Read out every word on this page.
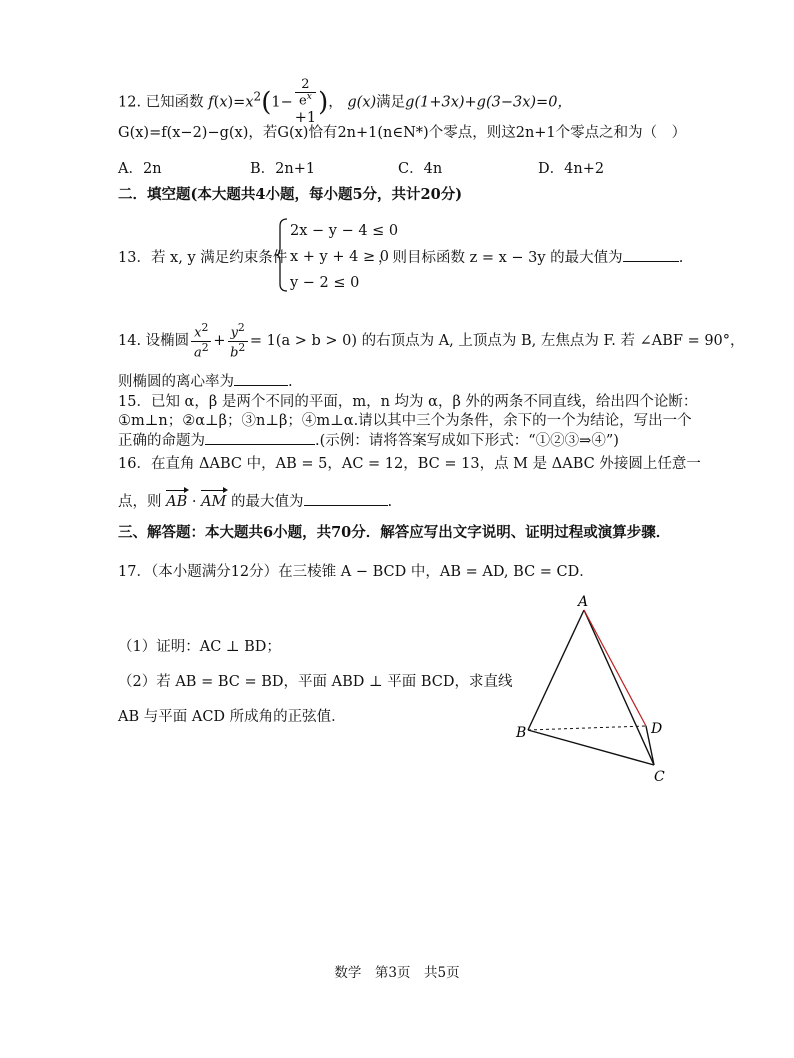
12. 已知函数 $f(x)=x^2(1-$
2
$e^x$
+1)， g(x)满足g(1+3x)+g(3−3x)=0，
G(x)=f(x−2)−g(x)，若G(x)恰有2n+1(n∈N*)个零点，则这2n+1个零点之和为（　）
A．2n	B．2n+1	C．4n	D．4n+2
二．填空题(本大题共4小题，每小题5分，共计20分)
13．若 x, y 满足约束条件
2x − y − 4 ≤ 0
x + y + 4 ≥ 0
y − 2 ≤ 0
，则目标函数 z = x − 3y 的最大值为	.
14. 设椭圆 $\frac{x^2}{a^2} + \frac{y^2}{b^2} = 1(a > b > 0)$ 的右顶点为 A, 上顶点为 B, 左焦点为 F. 若 ∠ABF = 90°，
则椭圆的离心率为	.
15．已知 α，β 是两个不同的平面，m，n 均为 α，β 外的两条不同直线，给出四个论断：
①m⊥n；②α⊥β；③n⊥β；④m⊥α.请以其中三个为条件，余下的一个为结论，写出一个
正确的命题为	.(示例：请将答案写成如下形式：“①②③⇒④”)
16．在直角 ΔABC 中，AB = 5，AC = 12，BC = 13，点 M 是 ΔABC 外接圆上任意一
点，则 AB · AM 的最大值为	.
三、解答题：本大题共6小题，共70分．解答应写出文字说明、证明过程或演算步骤．
17．（本小题满分12分）在三棱锥 A − BCD 中，AB = AD, BC = CD．
（1）证明：AC ⊥ BD；
（2）若 AB = BC = BD，平面 ABD ⊥ 平面 BCD，求直线
AB 与平面 ACD 所成角的正弦值．
A
B
C
D
数学　第3页　共5页
